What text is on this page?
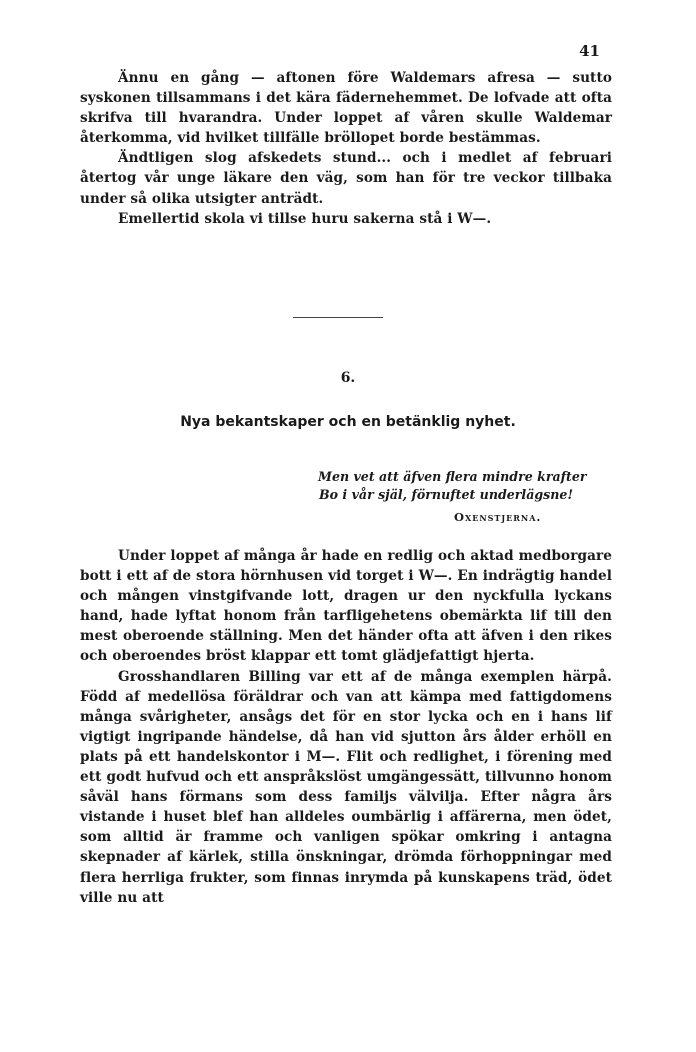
41

Ännu en gång — aftonen före Waldemars afresa — sutto syskonen tillsammans i det kära fädernehemmet. De lofvade att ofta skrifva till hvarandra. Under loppet af våren skulle Waldemar återkomma, vid hvilket tillfälle bröllopet borde bestämmas.

Ändtligen slog afskedets stund... och i medlet af februari återtog vår unge läkare den väg, som han för tre veckor tillbaka under så olika utsigter anträdt.

Emellertid skola vi tillse huru sakerna stå i W—.

6.
Nya bekantskaper och en betänklig nyhet.
Men vet att äfven flera mindre krafter
Bo i vår själ, förnuftet underlägsne!
Oxenstjerna.

Under loppet af många år hade en redlig och aktad medborgare bott i ett af de stora hörnhusen vid torget i W—. En indrägtig handel och mången vinstgifvande lott, dragen ur den nyckfulla lyckans hand, hade lyftat honom från tarfligehetens obemärkta lif till den mest oberoende ställning. Men det händer ofta att äfven i den rikes och oberoendes bröst klappar ett tomt glädjefattigt hjerta.

Grosshandlaren Billing var ett af de många exemplen härpå. Född af medellösa föräldrar och van att kämpa med fattigdomens många svårigheter, ansågs det för en stor lycka och en i hans lif vigtigt ingripande händelse, då han vid sjutton års ålder erhöll en plats på ett handelskontor i M—. Flit och redlighet, i förening med ett godt hufvud och ett anspråkslöst umgängessätt, tillvunno honom såväl hans förmans som dess familjs välvilja. Efter några års vistande i huset blef han alldeles oumbärlig i affärerna, men ödet, som alltid är framme och vanligen spökar omkring i antagna skepnader af kärlek, stilla önskningar, drömda förhoppningar med flera herrliga frukter, som finnas inrymda på kunskapens träd, ödet ville nu att
